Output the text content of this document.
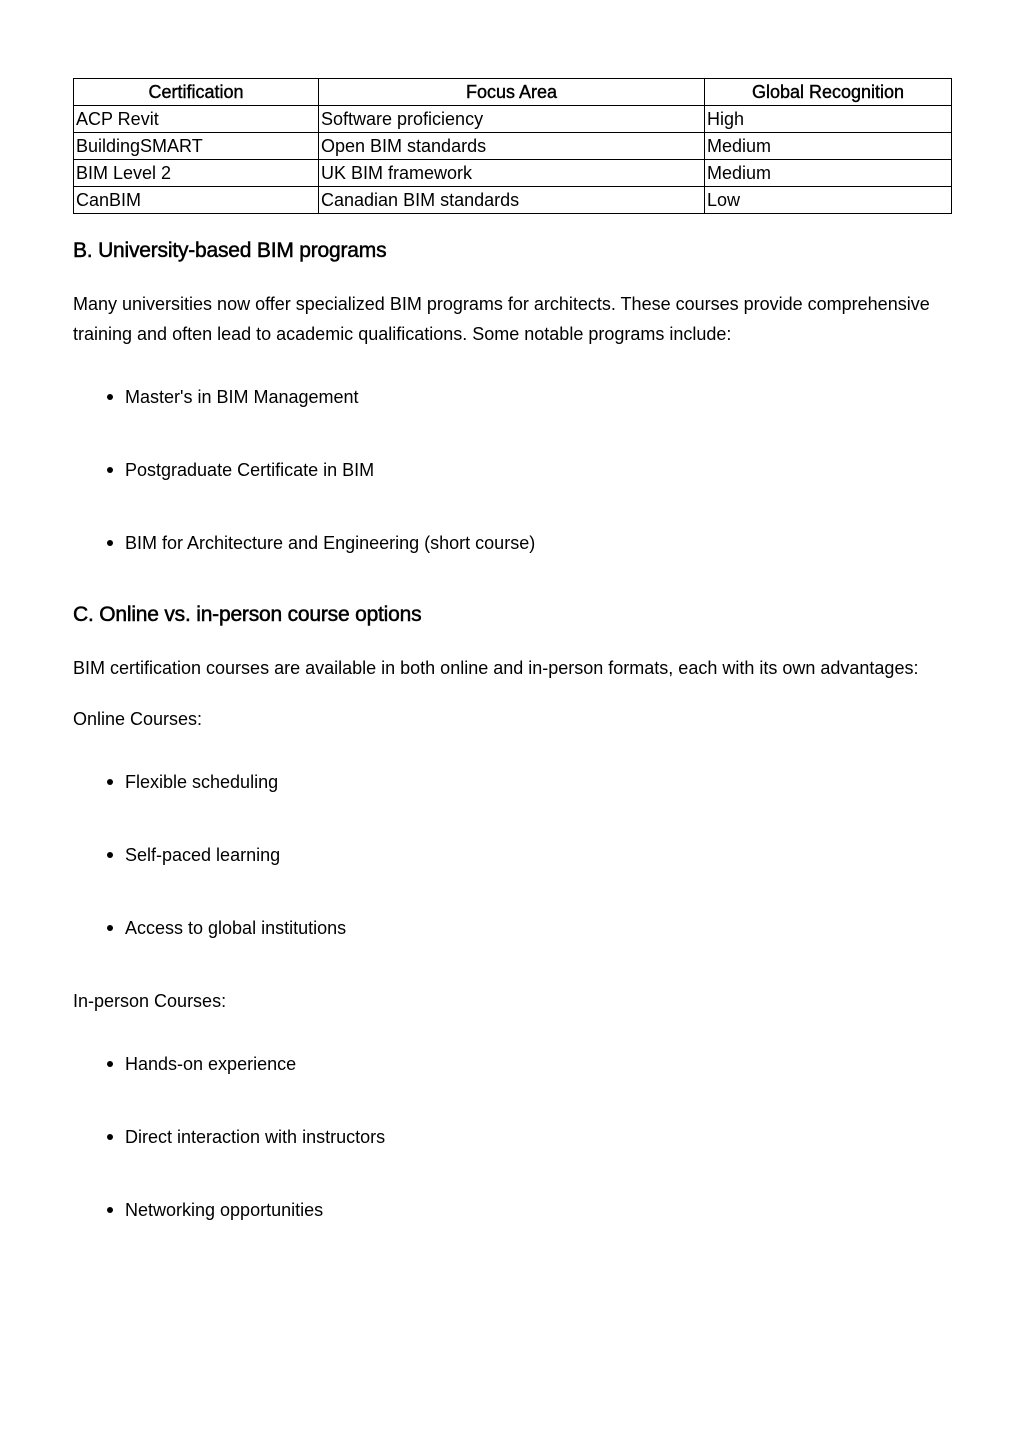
Certification	Focus Area	Global Recognition
ACP Revit	Software proficiency	High
BuildingSMART	Open BIM standards	Medium
BIM Level 2	UK BIM framework	Medium
CanBIM	Canadian BIM standards	Low
B. University-based BIM programs

Many universities now offer specialized BIM programs for architects. These courses provide comprehensive training and often lead to academic qualifications. Some notable programs include:

Master's in BIM Management
Postgraduate Certificate in BIM
BIM for Architecture and Engineering (short course)
C. Online vs. in-person course options

BIM certification courses are available in both online and in-person formats, each with its own advantages:

Online Courses:

Flexible scheduling
Self-paced learning
Access to global institutions

In-person Courses:

Hands-on experience
Direct interaction with instructors
Networking opportunities
